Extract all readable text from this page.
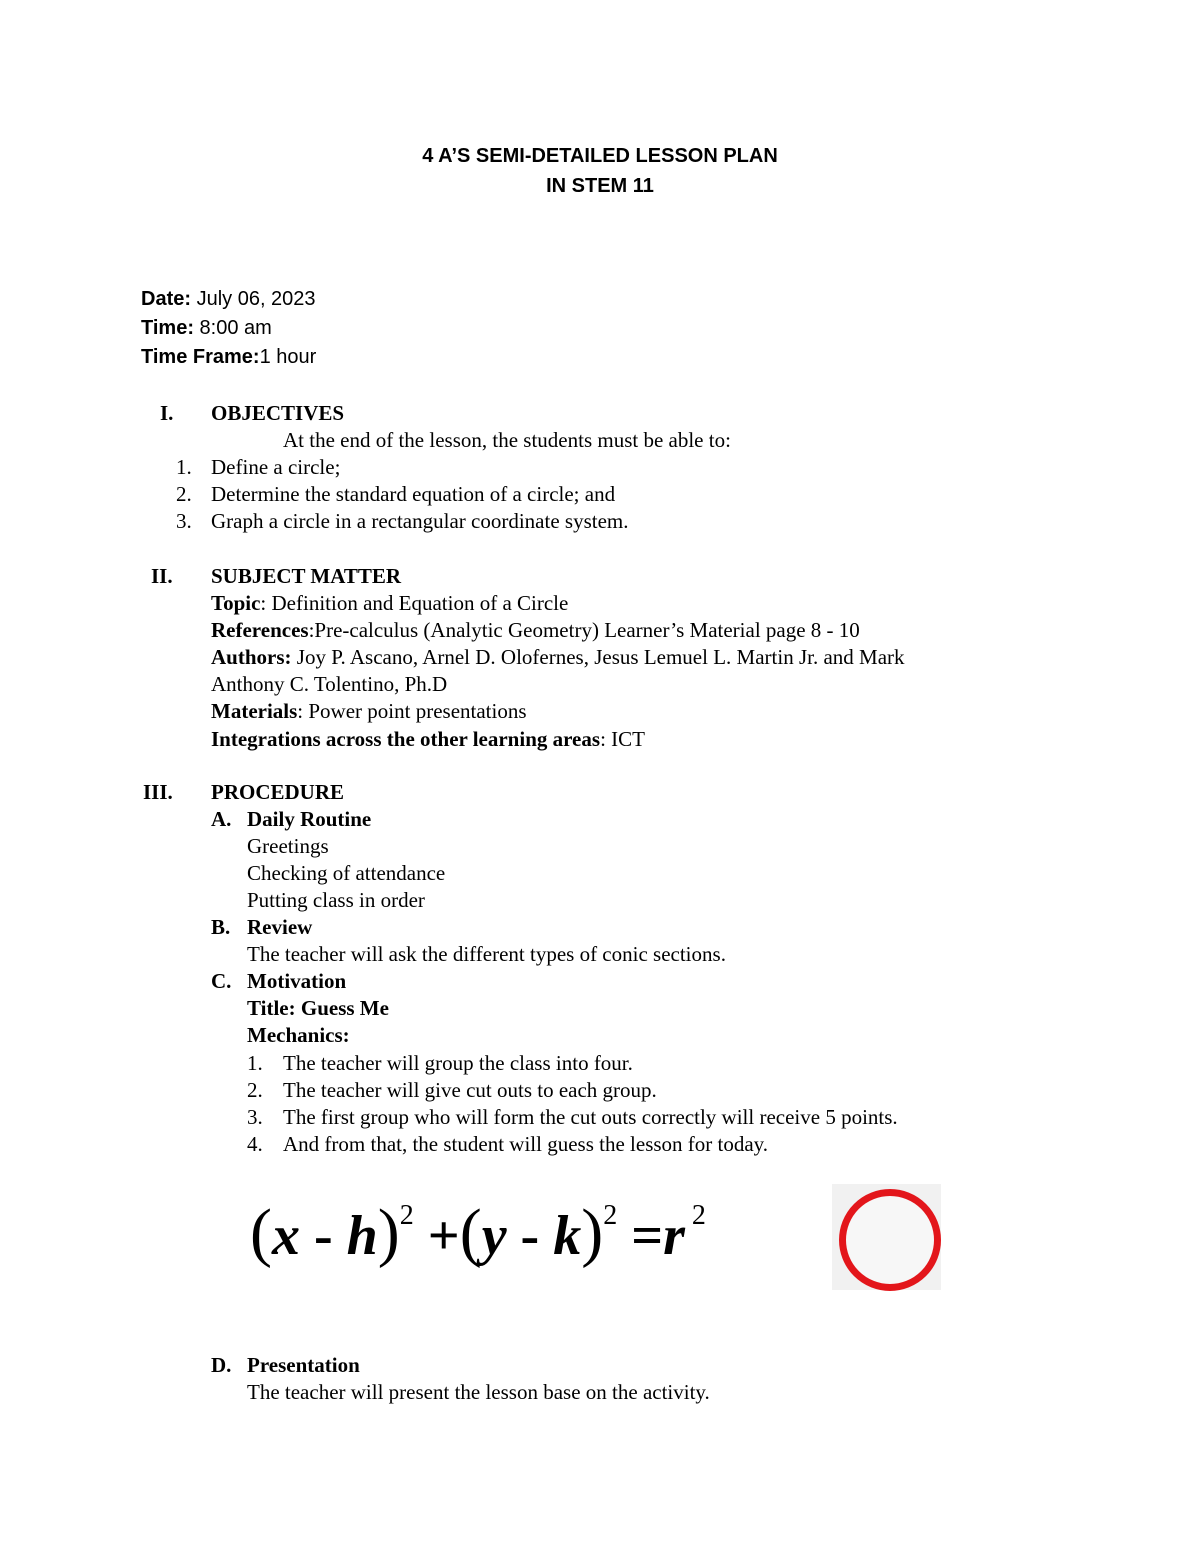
4 A’S SEMI-DETAILED LESSON PLAN
IN STEM 11
Date: July 06, 2023
Time: 8:00 am
Time Frame:1 hour
I. OBJECTIVES
At the end of the lesson, the students must be able to:
1. Define a circle;
2. Determine the standard equation of a circle; and
3. Graph a circle in a rectangular coordinate system.
II. SUBJECT MATTER
Topic: Definition and Equation of a Circle
References:Pre-calculus (Analytic Geometry) Learner’s Material page 8 - 10
Authors: Joy P. Ascano, Arnel D. Olofernes, Jesus Lemuel L. Martin Jr. and Mark
Anthony C. Tolentino, Ph.D
Materials: Power point presentations
Integrations across the other learning areas: ICT
III. PROCEDURE
A. Daily Routine
Greetings
Checking of attendance
Putting class in order
B. Review
The teacher will ask the different types of conic sections.
C. Motivation
Title: Guess Me
Mechanics:
1. The teacher will group the class into four.
2. The teacher will give cut outs to each group.
3. The first group who will form the cut outs correctly will receive 5 points.
4. And from that, the student will guess the lesson for today.
(x - h)$^2$ +(y - k)$^2$ =r $^2$
D. Presentation
The teacher will present the lesson base on the activity.
